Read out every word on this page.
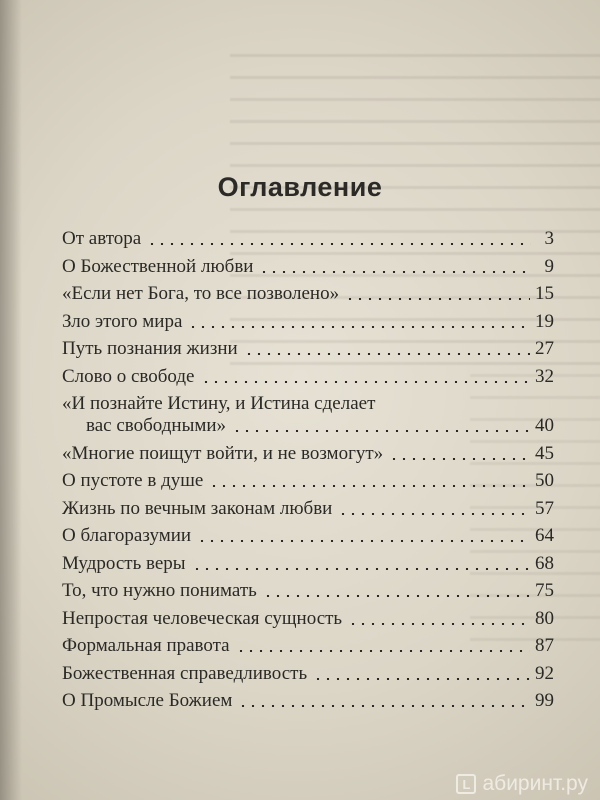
Оглавление
От автора	3
О Божественной любви	9
«Если нет Бога, то все позволено»	15
Зло этого мира	19
Путь познания жизни	27
Слово о свободе	32
«И познайте Истину, и Истина сделает
вас свободными»	40
«Многие поищут войти, и не возмогут»	45
О пустоте в душе	50
Жизнь по вечным законам любви	57
О благоразумии	64
Мудрость веры	68
То, что нужно понимать	75
Непростая человеческая сущность	80
Формальная правота	87
Божественная справедливость	92
О Промысле Божием	99
L абиринт.ру
